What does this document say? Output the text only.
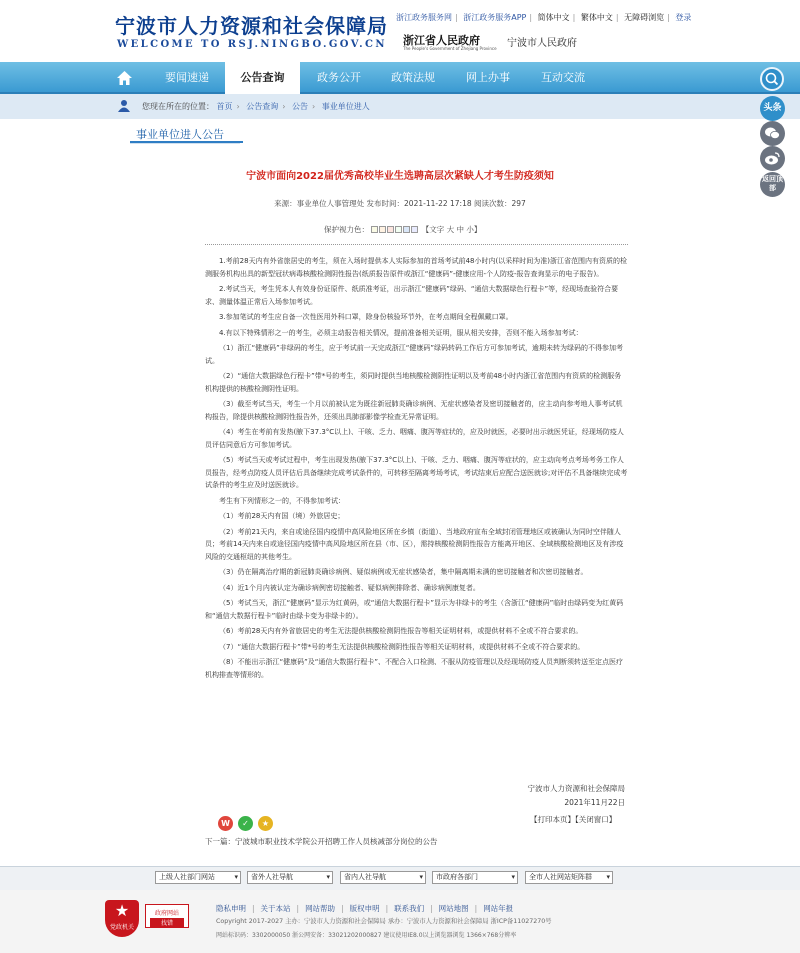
宁波市人力资源和社会保障局
WELCOME TO RSJ.NINGBO.GOV.CN
浙江政务服务网 | 浙江政务服务APP | 简体中文 | 繁体中文 | 无障碍浏览 | 登录
浙江省人民政府
The People's Government of Zhejiang Province 宁波市人民政府
要闻速递	公告查询	政务公开	政策法规	网上办事	互动交流
您现在所在的位置： 首页 › 公告查询 › 公告 › 事业单位进人	头条
返回顶部
事业单位进人公告
宁波市面向2022届优秀高校毕业生选聘高层次紧缺人才考生防疫须知
来源：事业单位人事管理处 发布时间：2021-11-22 17:18 阅读次数：297
保护视力色：	【文字 大 中 小】

1.考前28天内有外省旅居史的考生，须在入场时提供本人实际参加的首场考试前48小时内(以采样时间为准)浙江省范围内有资质的检测服务机构出具的新型冠状病毒核酸检测阴性报告(纸质报告原件或浙江“健康码”-健康应用-个人防疫-报告查询显示的电子报告)。

2.考试当天，考生凭本人有效身份证原件、纸质准考证，出示浙江“健康码”绿码、“通信大数据绿色行程卡”等，经现场查验符合要求、测量体温正常后入场参加考试。

3.参加笔试的考生应自备一次性医用外科口罩，除身份核验环节外，在考点期间全程佩戴口罩。

4.有以下特殊情形之一的考生，必须主动报告相关情况，提前准备相关证明，服从相关安排，否则不能入场参加考试：

（1）浙江“健康码”非绿码的考生，应于考试前一天完成浙江“健康码”绿码转码工作后方可参加考试，逾期未转为绿码的不得参加考试。

（2）“通信大数据绿色行程卡”带*号的考生，须同时提供当地核酸检测阴性证明以及考前48小时内浙江省范围内有资质的检测服务机构提供的核酸检测阴性证明。

（3）截至考试当天，考生一个月以前被认定为既往新冠肺炎确诊病例、无症状感染者及密切接触者的，应主动向参考地人事考试机构报告，除提供核酸检测阴性报告外，还须出具肺部影像学检查无异常证明。

（4）考生在考前有发热(腋下37.3°C以上)、干咳、乏力、咽痛、腹泻等症状的，应及时就医，必要时出示就医凭证，经现场防疫人员评估同意后方可参加考试。

（5）考试当天或考试过程中，考生出现发热(腋下37.3°C以上)、干咳、乏力、咽痛、腹泻等症状的，应主动向考点考场考务工作人员报告，经考点防疫人员评估后具备继续完成考试条件的，可转移至隔离考场考试，考试结束后应配合送医就诊;对评估不具备继续完成考试条件的考生应及时送医就诊。

考生有下列情形之一的，不得参加考试：

（1）考前28天内有国（境）外旅居史；

（2）考前21天内，来自或途径国内疫情中高风险地区所在乡镇（街道）、当地政府宣布全域封闭管理地区或被确认为同时空伴随人员；考前14天内来自或途径国内疫情中高风险地区所在县（市、区），需持核酸检测阴性报告方能离开地区、全域核酸检测地区及有涉疫风险的交通枢纽的其他考生。

（3）仍在隔离治疗期的新冠肺炎确诊病例、疑似病例或无症状感染者，集中隔离期未满的密切接触者和次密切接触者。

（4）近1个月内被认定为确诊病例密切接触者、疑似病例排除者、确诊病例康复者。

（5）考试当天，浙江“健康码”显示为红黄码，或“通信大数据行程卡”显示为非绿卡的考生（含浙江“健康码”临时由绿码变为红黄码和“通信大数据行程卡”临时由绿卡变为非绿卡的）。

（6）考前28天内有外省旅居史的考生无法提供核酸检测阴性报告等相关证明材料，或提供材料不全或不符合要求的。

（7）“通信大数据行程卡”带*号的考生无法提供核酸检测阴性报告等相关证明材料，或提供材料不全或不符合要求的。

（8）不能出示浙江“健康码”及“通信大数据行程卡”、不配合入口检测、不服从防疫管理以及经现场防疫人员判断须转送至定点医疗机构排查等情形的。

宁波市人力资源和社会保障局
2021年11月22日
【打印本页】【关闭窗口】
W	✓	★
下一篇：宁波城市职业技术学院公开招聘工作人员核减部分岗位的公告
上级人社部门网站 ▾	省外人社导航 ▾	省内人社导航 ▾	市政府各部门 ▾	全市人社网站矩阵群 ▾
★
党政机关
政府网站
找错
隐私申明 | 关于本站 | 网站帮助 | 版权申明 | 联系我们 | 网站地图 | 网站年报
Copyright 2017-2027 主办：宁波市人力资源和社会保障局 承办：宁波市人力资源和社会保障局 浙ICP备11027270号
网站标识码：3302000050 浙公网安备：33021202000827 建议使用IE8.0以上浏览器浏览 1366×768分辨率
